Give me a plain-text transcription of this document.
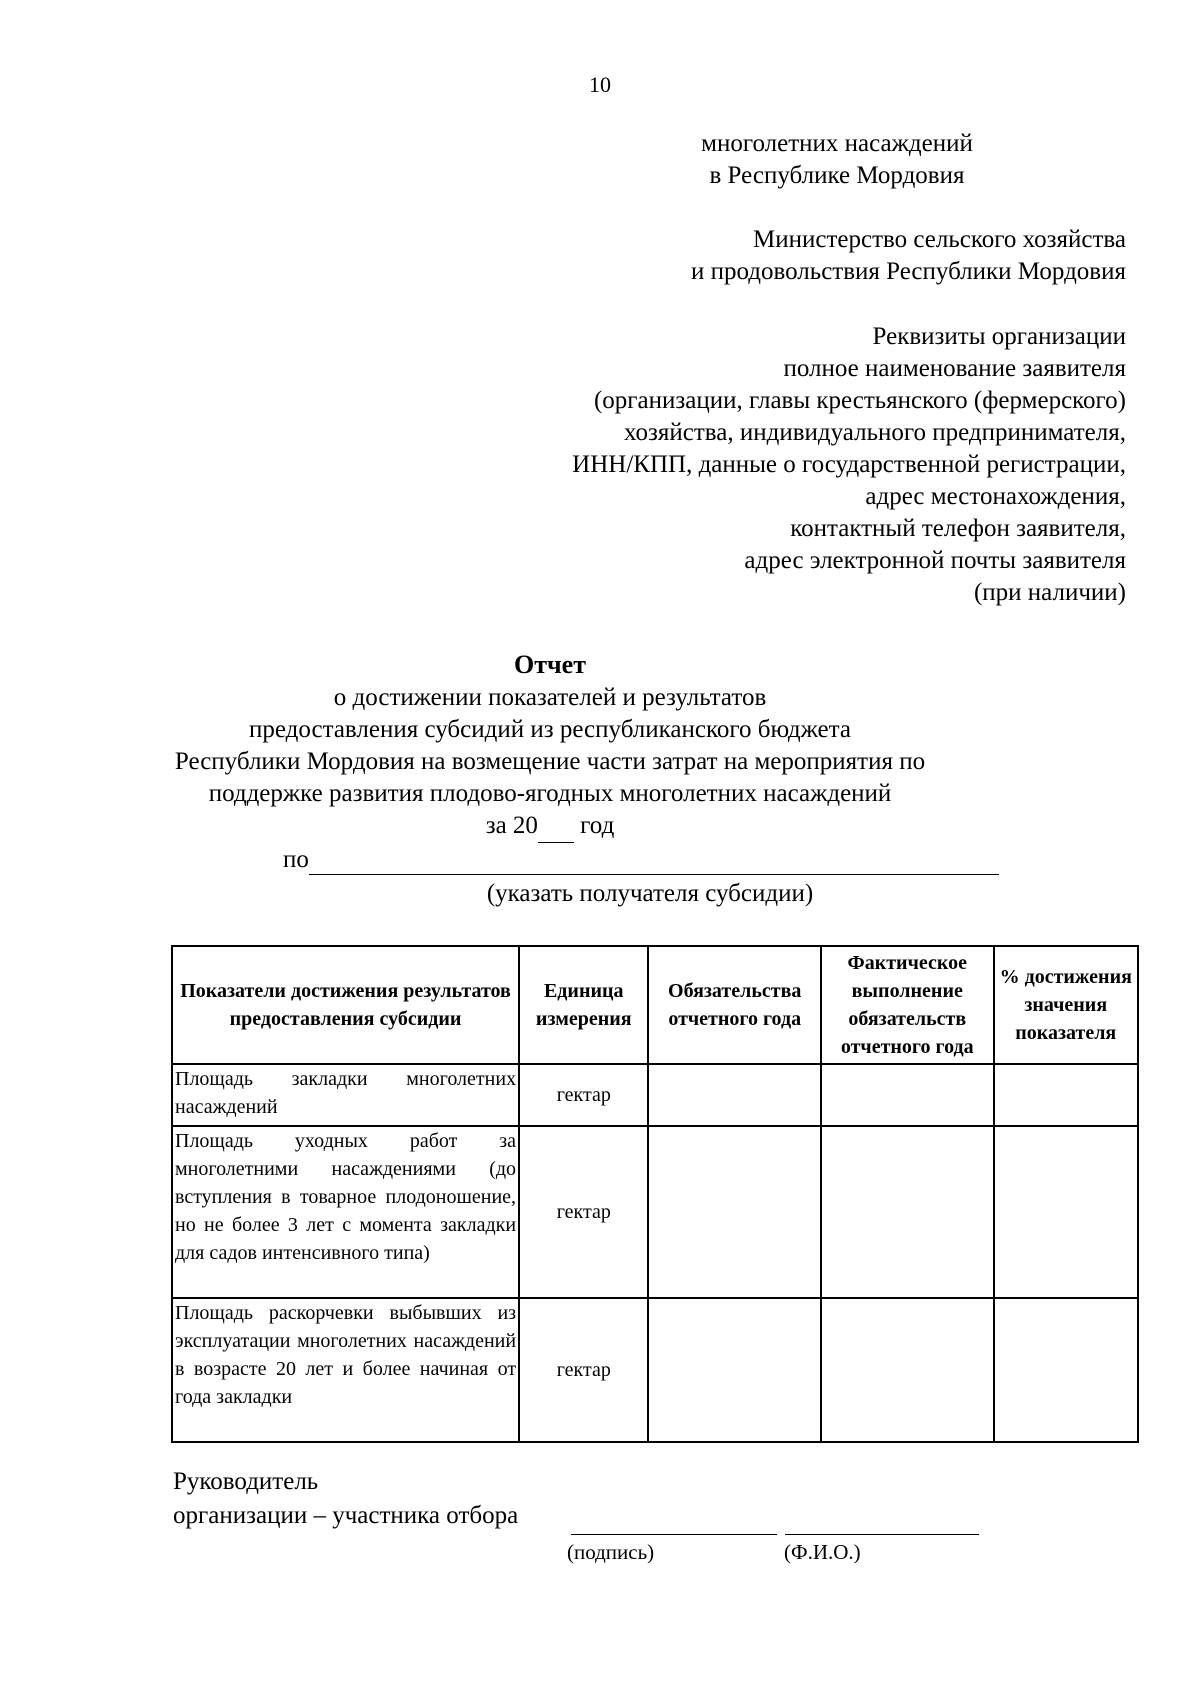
10
многолетних насаждений
в Республике Мордовия
Министерство сельского хозяйства
и продовольствия Республики Мордовия
Реквизиты организации
полное наименование заявителя
(организации, главы крестьянского (фермерского)
хозяйства, индивидуального предпринимателя,
ИНН/КПП, данные о государственной регистрации,
адрес местонахождения,
контактный телефон заявителя,
адрес электронной почты заявителя
(при наличии)
Отчет
о достижении показателей и результатов
предоставления субсидий из республиканского бюджета
Республики Мордовия на возмещение части затрат на мероприятия по
поддержке развития плодово-ягодных многолетних насаждений
за 20 год
по
(указать получателя субсидии)
Показатели достижения результатов предоставления субсидии	Единица измерения	Обязательства отчетного года	Фактическое выполнение обязательств отчетного года	% достижения значения показателя
Площадь закладки многолетних насаждений	гектар			
Площадь уходных работ за многолетними насаждениями (до вступления в товарное плодоношение, но не более 3 лет с момента закладки для садов интенсивного типа)	гектар			
Площадь раскорчевки выбывших из эксплуатации многолетних насаждений в возрасте 20 лет и более начиная от года закладки	гектар			
Руководитель
организации – участника отбора
(подпись)	(Ф.И.О.)
